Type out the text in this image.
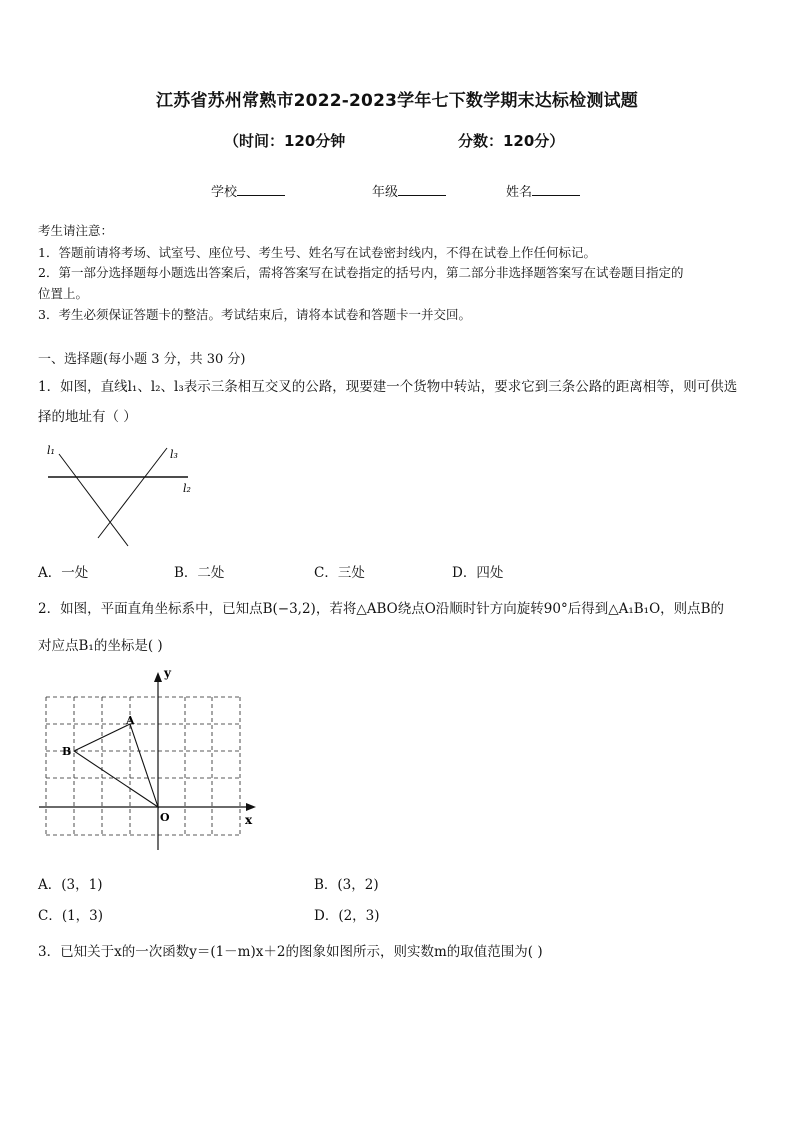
江苏省苏州常熟市2022-2023学年七下数学期末达标检测试题
（时间：120分钟	分数：120分）
学校	年级	姓名
考生请注意：
1．答题前请将考场、试室号、座位号、考生号、姓名写在试卷密封线内，不得在试卷上作任何标记。
2．第一部分选择题每小题选出答案后，需将答案写在试卷指定的括号内，第二部分非选择题答案写在试卷题目指定的
位置上。
3．考生必须保证答题卡的整洁。考试结束后，请将本试卷和答题卡一并交回。
一、选择题(每小题 3 分，共 30 分)
1．如图，直线l₁、l₂、l₃表示三条相互交叉的公路，现要建一个货物中转站，要求它到三条公路的距离相等，则可供选
择的地址有（ ）
l₁	l₃
l₂
A．一处	B．二处	C．三处	D．四处
2．如图，平面直角坐标系中，已知点B(−3,2)，若将△ABO绕点O沿顺时针方向旋转90°后得到△A₁B₁O，则点B的
对应点B₁的坐标是( )
y
x
O
A
B
A．(3，1)	B．(3，2)
C．(1，3)	D．(2，3)
3．已知关于x的一次函数y＝(1－m)x＋2的图象如图所示，则实数m的取值范围为( )
